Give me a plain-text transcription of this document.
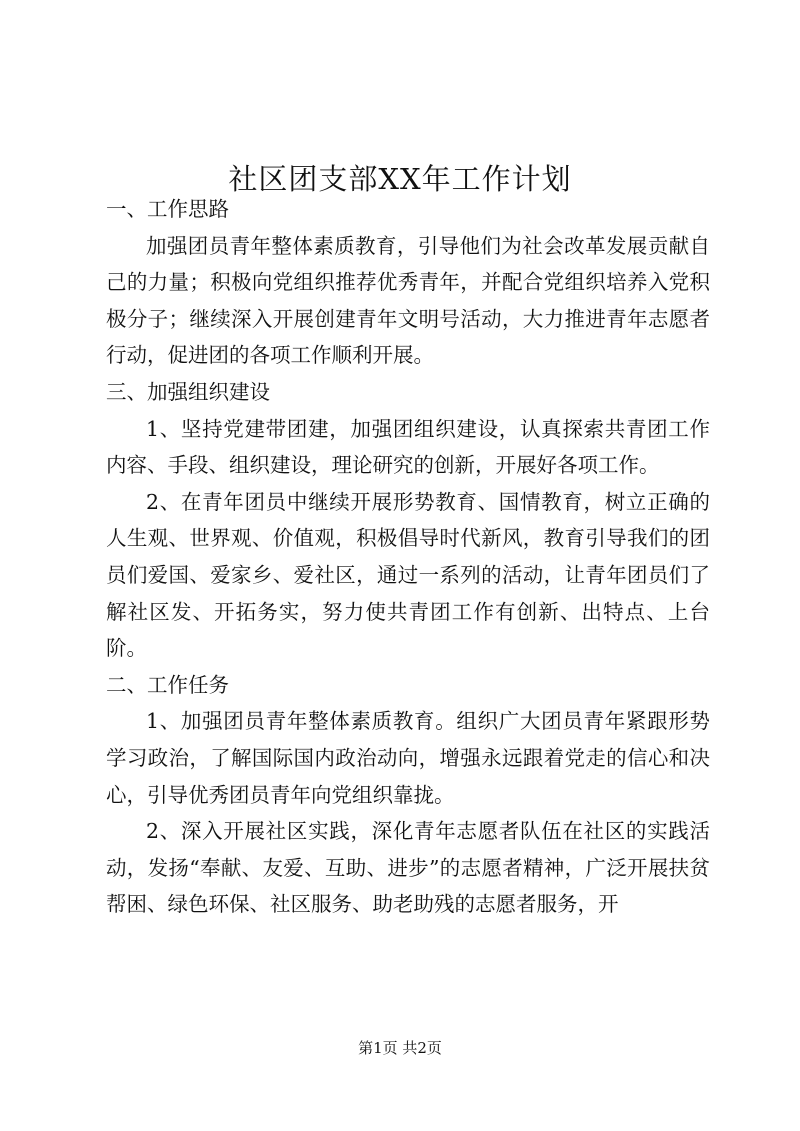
社区团支部XX年工作计划

一、工作思路

加强团员青年整体素质教育，引导他们为社会改革发展贡献自己的力量；积极向党组织推荐优秀青年，并配合党组织培养入党积极分子；继续深入开展创建青年文明号活动，大力推进青年志愿者行动，促进团的各项工作顺利开展。

三、加强组织建设

1、坚持党建带团建，加强团组织建设，认真探索共青团工作内容、手段、组织建设，理论研究的创新，开展好各项工作。

2、在青年团员中继续开展形势教育、国情教育，树立正确的人生观、世界观、价值观，积极倡导时代新风，教育引导我们的团员们爱国、爱家乡、爱社区，通过一系列的活动，让青年团员们了解社区发、开拓务实，努力使共青团工作有创新、出特点、上台阶。

二、工作任务

1、加强团员青年整体素质教育。组织广大团员青年紧跟形势学习政治，了解国际国内政治动向，增强永远跟着党走的信心和决心，引导优秀团员青年向党组织靠拢。

2、深入开展社区实践，深化青年志愿者队伍在社区的实践活动，发扬“奉献、友爱、互助、进步”的志愿者精神，广泛开展扶贫帮困、绿色环保、社区服务、助老助残的志愿者服务，开

第1页 共2页
